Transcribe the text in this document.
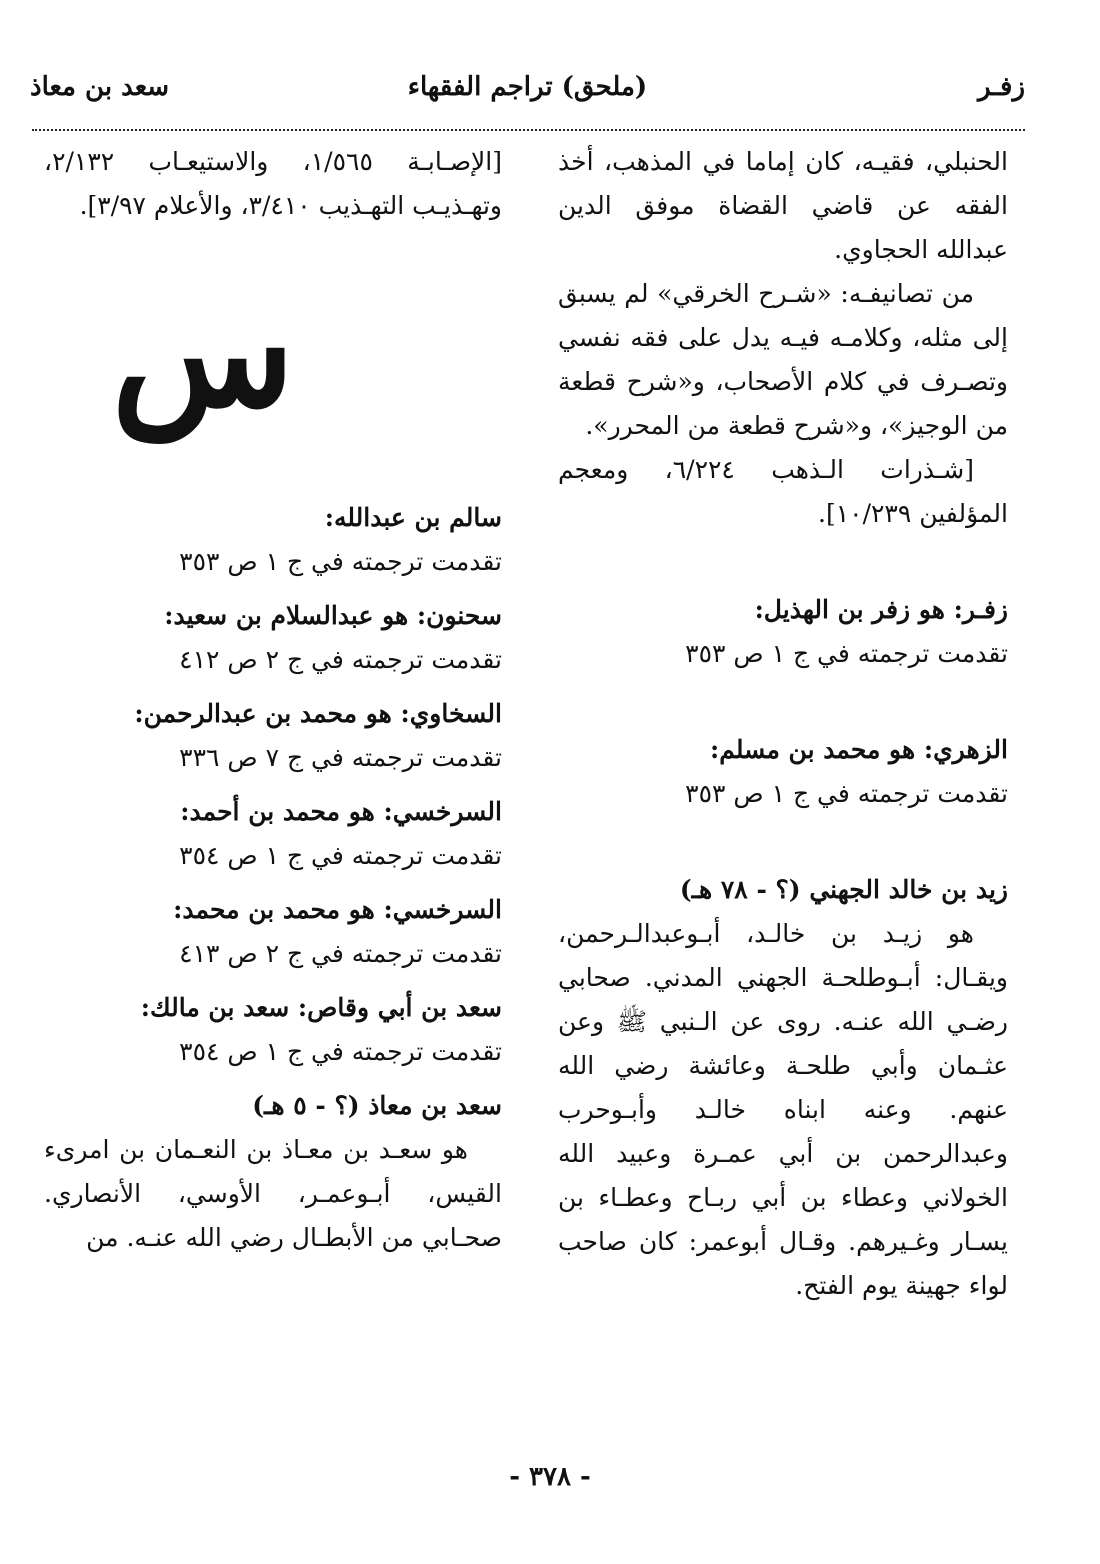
زفـر
(ملحق) تراجم الفقهاء
سعد بن معاذ

الحنبلي، فقيـه، كان إماما في المذهب، أخذ الفقه عن قاضي القضاة موفق الدين عبدالله الحجاوي.

من تصانيفـه: «شـرح الخرقي» لم يسبق إلى مثله، وكلامـه فيـه يدل على فقه نفسي وتصـرف في كلام الأصحاب، و«شرح قطعة من الوجيز»، و«شرح قطعة من المحرر».

[شـذرات الـذهب ٦/٢٢٤، ومعجم المؤلفين ١٠/٢٣٩].

زفـر: هو زفر بن الهذيل:

تقدمت ترجمته في ج ١ ص ٣٥٣

الزهري: هو محمد بن مسلم:

تقدمت ترجمته في ج ١ ص ٣٥٣

زيد بن خالد الجهني (؟ - ٧٨ هـ)

هو زيـد بن خالـد، أبـوعبدالـرحمن، ويقـال: أبـوطلحـة الجهني المدني. صحابي رضـي الله عنـه. روى عن الـنبي ﷺ وعن عثـمان وأبي طلحـة وعائشة رضي الله عنهم. وعنه ابناه خالـد وأبـوحرب وعبدالرحمن بن أبي عمـرة وعبيد الله الخولاني وعطاء بن أبي ربـاح وعطـاء بن يسـار وغـيرهم. وقـال أبوعمر: كان صاحب لواء جهينة يوم الفتح.

[الإصـابـة ١/٥٦٥، والاستيعـاب ٢/١٣٢، وتهـذيـب التهـذيب ٣/٤١٠، والأعلام ٣/٩٧].

س

سالم بن عبدالله:

تقدمت ترجمته في ج ١ ص ٣٥٣

سحنون: هو عبدالسلام بن سعيد:

تقدمت ترجمته في ج ٢ ص ٤١٢

السخاوي: هو محمد بن عبدالرحمن:

تقدمت ترجمته في ج ٧ ص ٣٣٦

السرخسي: هو محمد بن أحمد:

تقدمت ترجمته في ج ١ ص ٣٥٤

السرخسي: هو محمد بن محمد:

تقدمت ترجمته في ج ٢ ص ٤١٣

سعد بن أبي وقاص: سعد بن مالك:

تقدمت ترجمته في ج ١ ص ٣٥٤

سعد بن معاذ (؟ - ٥ هـ)

هو سعـد بن معـاذ بن النعـمان بن امرىء القيس، أبـوعمـر، الأوسي، الأنصاري. صحـابي من الأبطـال رضي الله عنـه. من

- ٣٧٨ -
